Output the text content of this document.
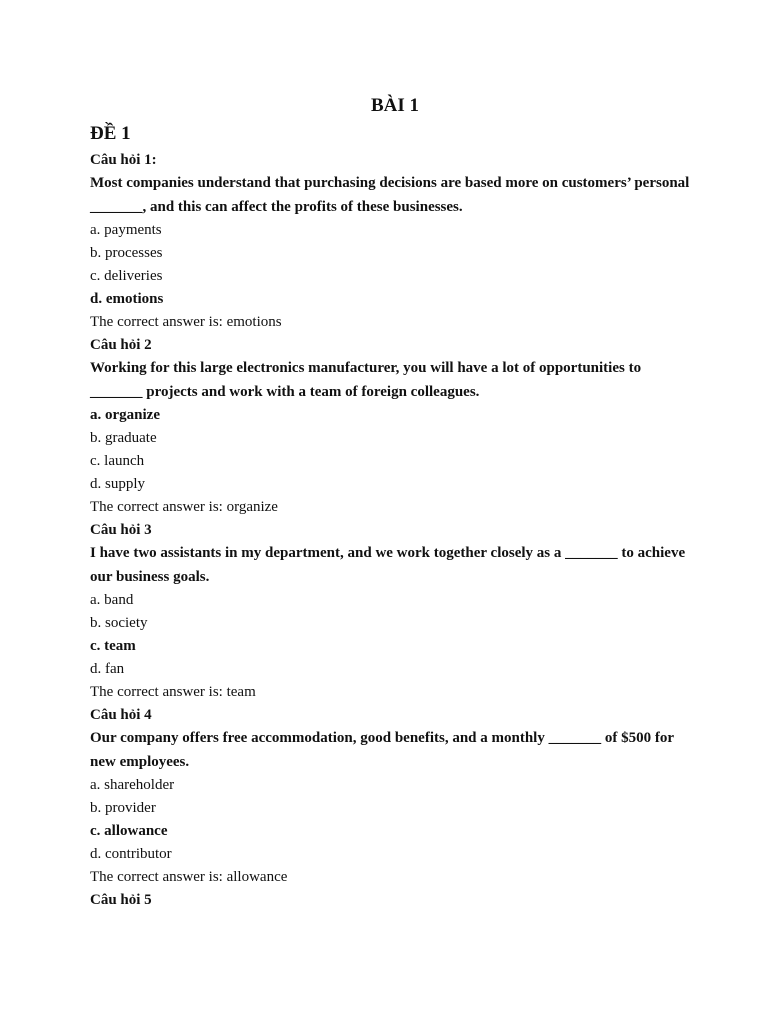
BÀI 1

ĐỀ 1

Câu hỏi 1:

Most companies understand that purchasing decisions are based more on customers’ personal _______, and this can affect the profits of these businesses.

a. payments

b. processes

c. deliveries

d. emotions

The correct answer is: emotions

Câu hỏi 2

Working for this large electronics manufacturer, you will have a lot of opportunities to _______ projects and work with a team of foreign colleagues.

a. organize

b. graduate

c. launch

d. supply

The correct answer is: organize

Câu hỏi 3

I have two assistants in my department, and we work together closely as a _______ to achieve our business goals.

a. band

b. society

c. team

d. fan

The correct answer is: team

Câu hỏi 4

Our company offers free accommodation, good benefits, and a monthly _______ of $500 for new employees.

a. shareholder

b. provider

c. allowance

d. contributor

The correct answer is: allowance

Câu hỏi 5
